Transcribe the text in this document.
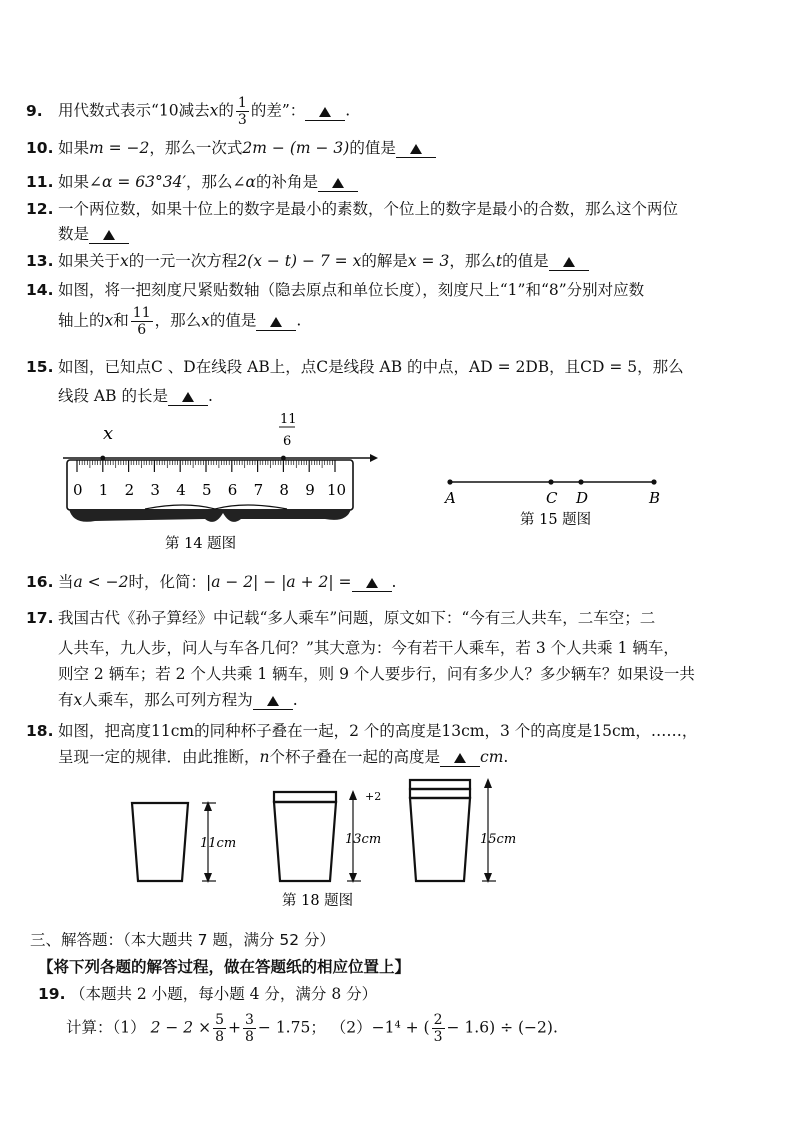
9. 用代数式表示“10减去x的 $\frac{1}{3}$ 的差”：	.
10. 如果m = −2，那么一次式2m − (m − 3)的值是
11. 如果∠α = 63°34′，那么∠α的补角是
12. 一个两位数，如果十位上的数字是最小的素数，个位上的数字是最小的合数，那么这个两位
数是
13. 如果关于x的一元一次方程2(x − t) − 7 = x的解是x = 3，那么t的值是
14. 如图，将一把刻度尺紧贴数轴（隐去原点和单位长度），刻度尺上“1”和“8”分别对应数
轴上的x和 $\frac{11}{6}$ ，那么x的值是	.
15. 如图，已知点C 、D在线段 AB上，点C是线段 AB 的中点，AD = 2DB，且CD = 5，那么
线段 AB 的长是	.
x
11
6
0 1 2 3 4 5 6 7 8 9 10
第 14 题图
A	C D	B
第 15 题图
16. 当a < −2时，化简：|a − 2| − |a + 2| =	.
17. 我国古代《孙子算经》中记载“多人乘车”问题，原文如下：“今有三人共车，二车空；二
人共车，九人步，问人与车各几何？”其大意为：今有若干人乘车，若 3 个人共乘 1 辆车，
则空 2 辆车；若 2 个人共乘 1 辆车，则 9 个人要步行，问有多少人？多少辆车？如果设一共
有x人乘车，那么可列方程为	.
18. 如图，把高度11cm的同种杯子叠在一起，2 个的高度是13cm，3 个的高度是15cm，……，
呈现一定的规律．由此推断，n个杯子叠在一起的高度是	cm.
11cm
+2
13cm	15cm
第 18 题图
三、解答题：（本大题共 7 题，满分 52 分）
【将下列各题的解答过程，做在答题纸的相应位置上】
19. （本题共 2 小题，每小题 4 分，满分 8 分）
计算：（1） $2 - 2 \times \frac{5}{8} + \frac{3}{8} - 1.75$； （2）−1⁴ + ( $\frac{2}{3} - 1.6) \div (-2)$.
